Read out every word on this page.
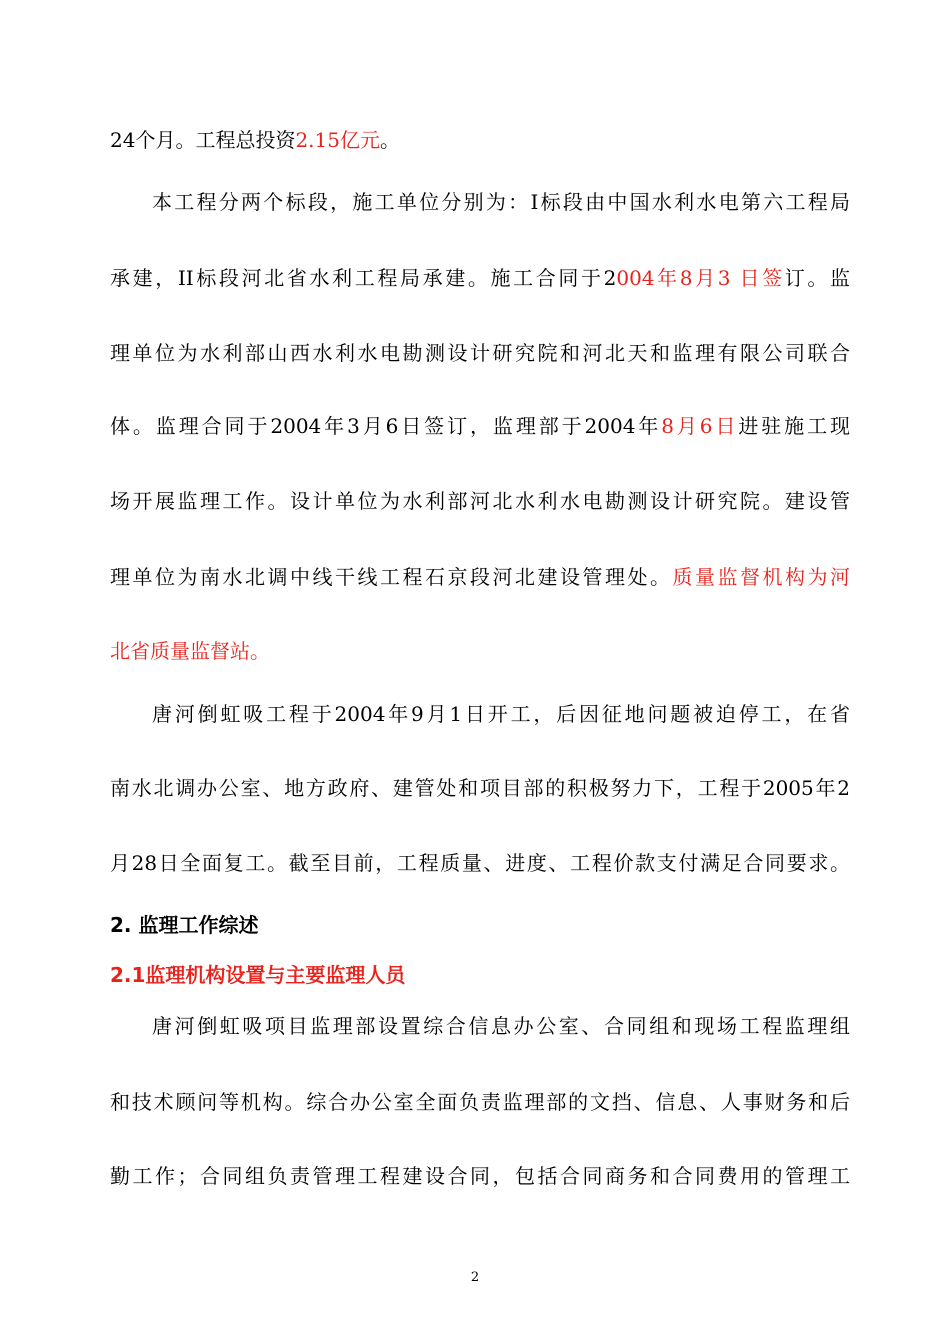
24个月。工程总投资2.15亿元。
本工程分两个标段，施工单位分别为：I标段由中国水利水电第六工程局
承建，II标段河北省水利工程局承建。施工合同于2004年8月3 日签订。监
理单位为水利部山西水利水电勘测设计研究院和河北天和监理有限公司联合
体。监理合同于2004年3月6日签订，监理部于2004年8月6日进驻施工现
场开展监理工作。设计单位为水利部河北水利水电勘测设计研究院。建设管
理单位为南水北调中线干线工程石京段河北建设管理处。质量监督机构为河
北省质量监督站。
唐河倒虹吸工程于2004年9月1日开工，后因征地问题被迫停工，在省
南水北调办公室、地方政府、建管处和项目部的积极努力下，工程于2005年2
月28日全面复工。截至目前，工程质量、进度、工程价款支付满足合同要求。
2. 监理工作综述
2.1监理机构设置与主要监理人员
唐河倒虹吸项目监理部设置综合信息办公室、合同组和现场工程监理组
和技术顾问等机构。综合办公室全面负责监理部的文挡、信息、人事财务和后
勤工作；合同组负责管理工程建设合同，包括合同商务和合同费用的管理工
2
